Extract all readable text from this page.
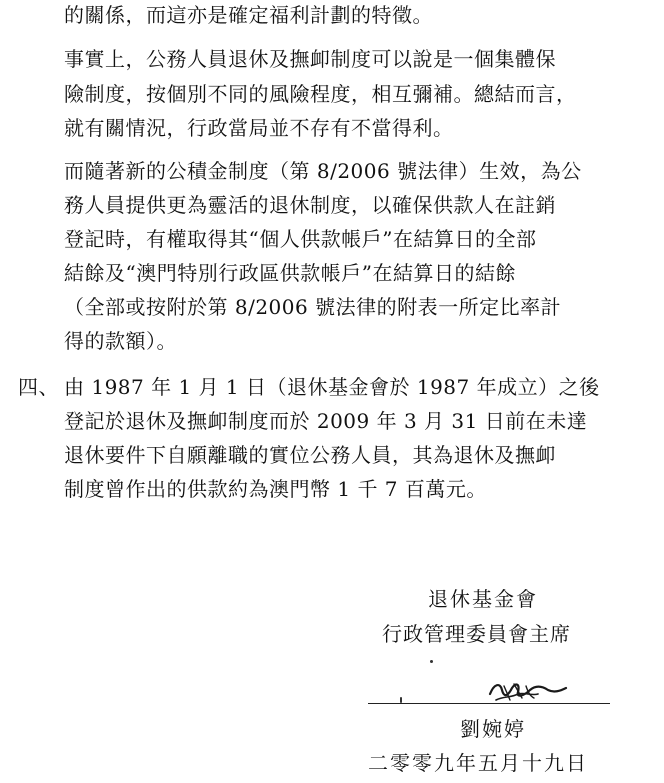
的關係，而這亦是確定福利計劃的特徵。
事實上，公務人員退休及撫卹制度可以說是一個集體保
險制度，按個別不同的風險程度，相互彌補。總結而言，
就有關情況，行政當局並不存有不當得利。
而隨著新的公積金制度（第 8/2006 號法律）生效，為公
務人員提供更為靈活的退休制度，以確保供款人在註銷
登記時，有權取得其“個人供款帳戶”在結算日的全部
結餘及“澳門特別行政區供款帳戶”在結算日的結餘
（全部或按附於第 8/2006 號法律的附表一所定比率計
得的款額）。
四、 由 1987 年 1 月 1 日（退休基金會於 1987 年成立）之後
登記於退休及撫卹制度而於 2009 年 3 月 31 日前在未達
退休要件下自願離職的實位公務人員，其為退休及撫卹
制度曾作出的供款約為澳門幣 1 千 7 百萬元。
退休基金會
行政管理委員會主席
劉婉婷
二零零九年五月十九日
